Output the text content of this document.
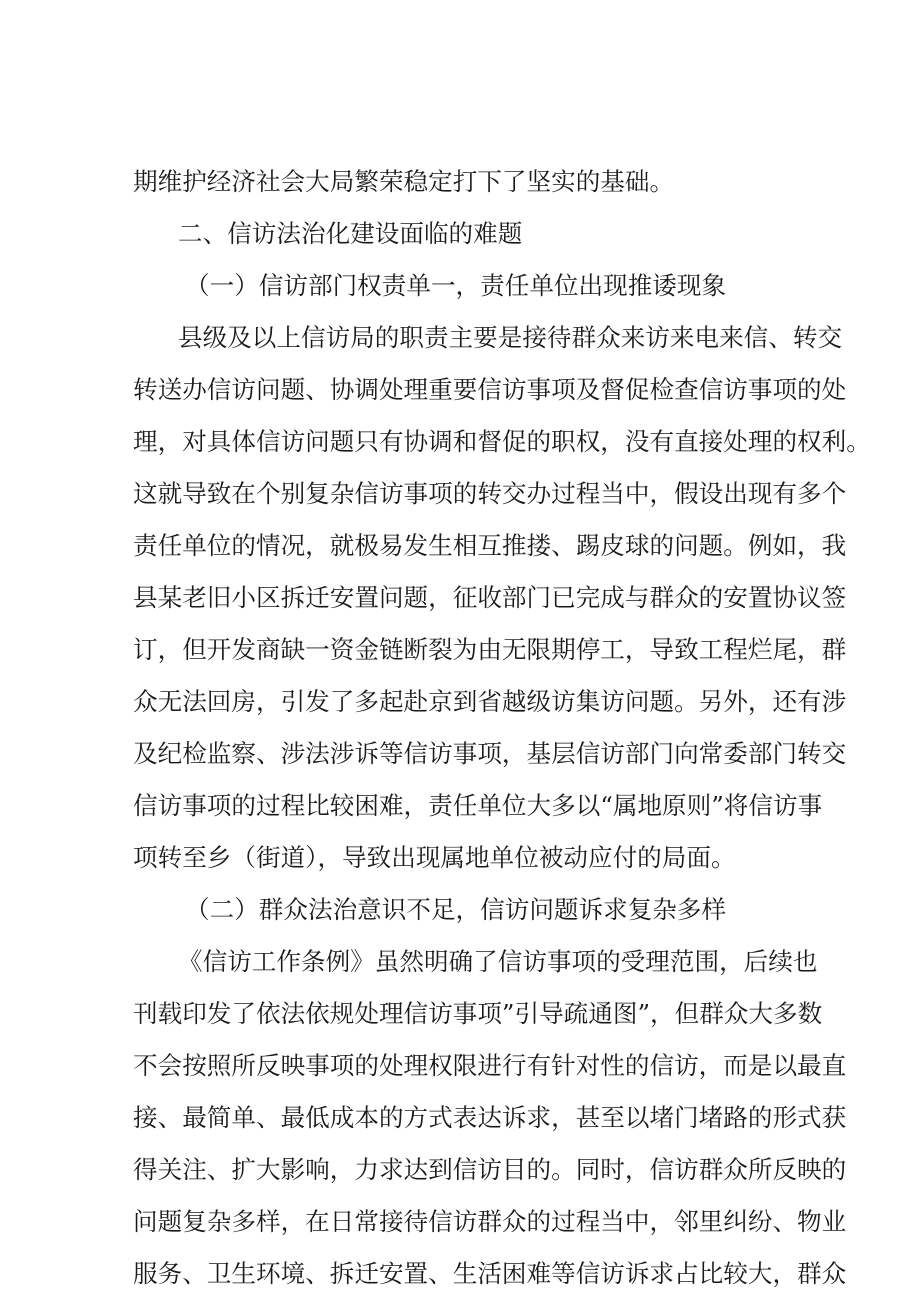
期维护经济社会大局繁荣稳定打下了坚实的基础。
二、信访法治化建设面临的难题
（一）信访部门权责单一，责任单位出现推诿现象
县级及以上信访局的职责主要是接待群众来访来电来信、转交
转送办信访问题、协调处理重要信访事项及督促检查信访事项的处
理，对具体信访问题只有协调和督促的职权，没有直接处理的权利。
这就导致在个别复杂信访事项的转交办过程当中，假设出现有多个
责任单位的情况，就极易发生相互推搂、踢皮球的问题。例如，我
县某老旧小区拆迁安置问题，征收部门已完成与群众的安置协议签
订，但开发商缺一资金链断裂为由无限期停工，导致工程烂尾，群
众无法回房，引发了多起赴京到省越级访集访问题。另外，还有涉
及纪检监察、涉法涉诉等信访事项，基层信访部门向常委部门转交
信访事项的过程比较困难，责任单位大多以“属地原则”将信访事
项转至乡（街道），导致出现属地单位被动应付的局面。
（二）群众法治意识不足，信访问题诉求复杂多样
《信访工作条例》虽然明确了信访事项的受理范围，后续也
刊载印发了依法依规处理信访事项”引导疏通图”，但群众大多数
不会按照所反映事项的处理权限进行有针对性的信访，而是以最直
接、最简单、最低成本的方式表达诉求，甚至以堵门堵路的形式获
得关注、扩大影响，力求达到信访目的。同时，信访群众所反映的
问题复杂多样，在日常接待信访群众的过程当中，邻里纠纷、物业
服务、卫生环境、拆迁安置、生活困难等信访诉求占比较大，群众
